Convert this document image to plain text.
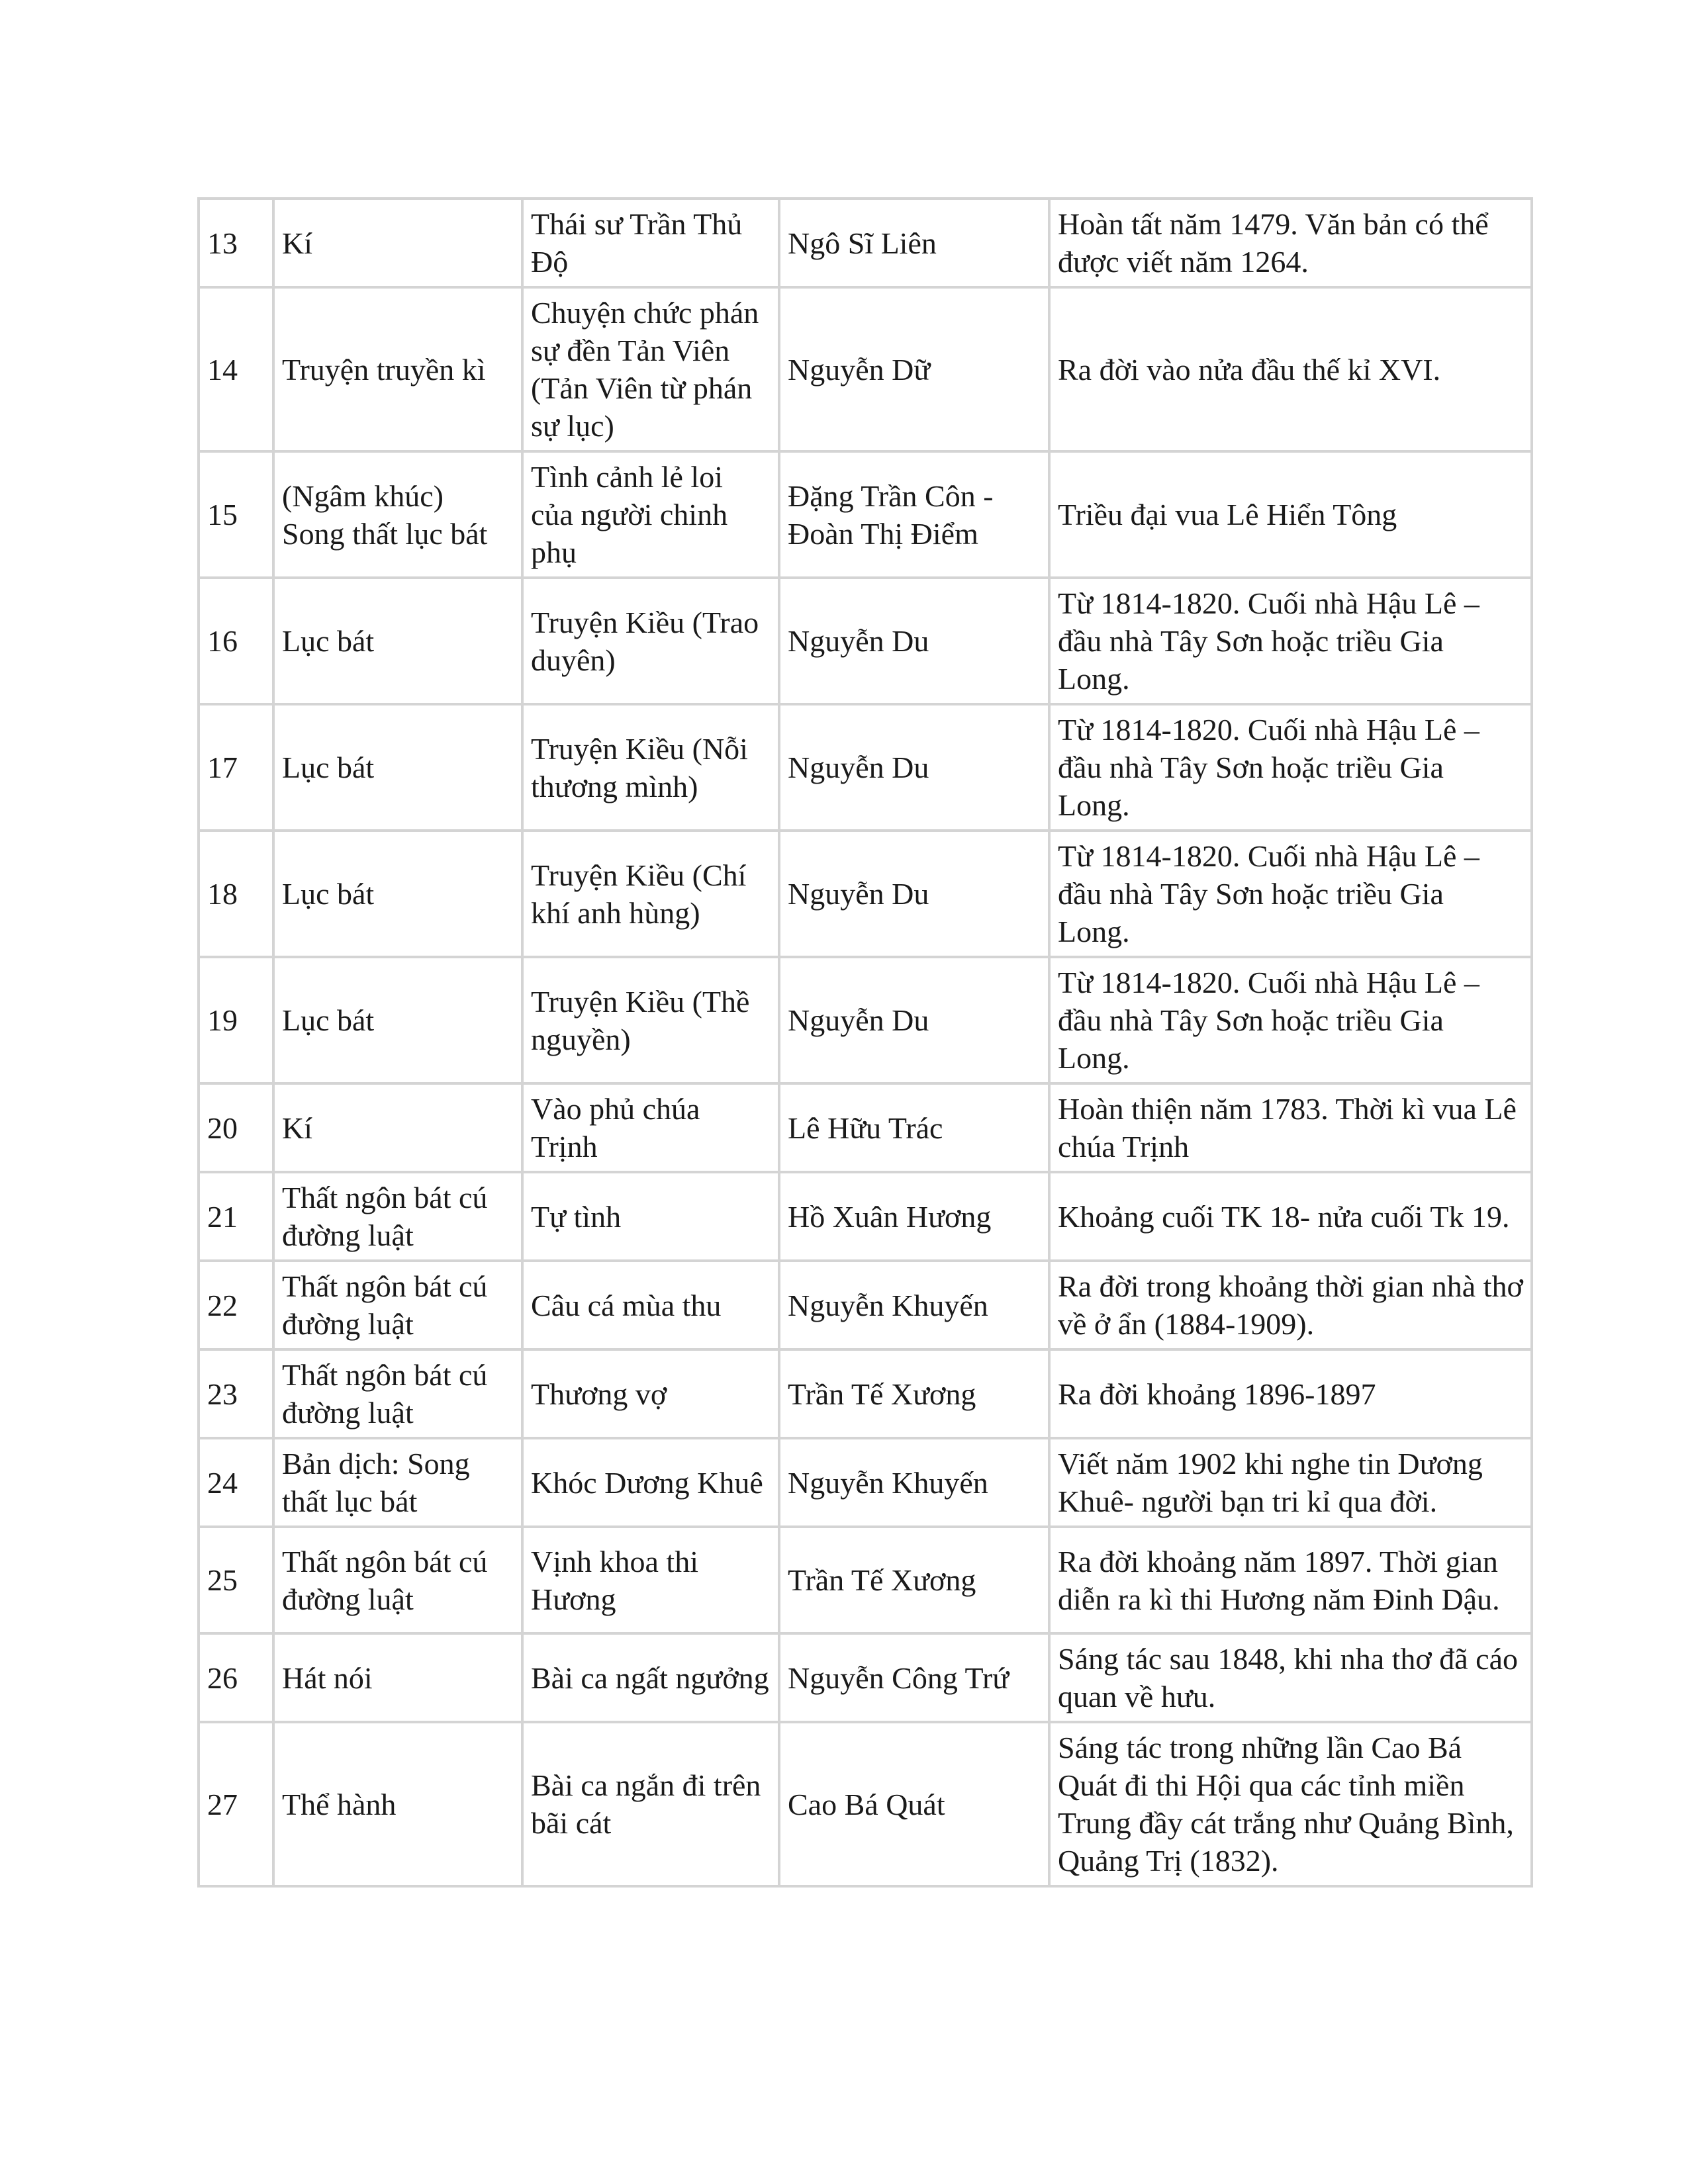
13	Kí	Thái sư Trần Thủ Độ	Ngô Sĩ Liên	Hoàn tất năm 1479. Văn bản có thể được viết năm 1264.
14	Truyện truyền kì	Chuyện chức phán sự đền Tản Viên (Tản Viên từ phán sự lục)	Nguyễn Dữ	Ra đời vào nửa đầu thế kỉ XVI.
15	(Ngâm khúc) Song thất lục bát	Tình cảnh lẻ loi của người chinh phụ	Đặng Trần Côn - Đoàn Thị Điểm	Triều đại vua Lê Hiển Tông
16	Lục bát	Truyện Kiều (Trao duyên)	Nguyễn Du	Từ 1814-1820. Cuối nhà Hậu Lê – đầu nhà Tây Sơn hoặc triều Gia Long.
17	Lục bát	Truyện Kiều (Nỗi thương mình)	Nguyễn Du	Từ 1814-1820. Cuối nhà Hậu Lê – đầu nhà Tây Sơn hoặc triều Gia Long.
18	Lục bát	Truyện Kiều (Chí khí anh hùng)	Nguyễn Du	Từ 1814-1820. Cuối nhà Hậu Lê – đầu nhà Tây Sơn hoặc triều Gia Long.
19	Lục bát	Truyện Kiều (Thề nguyền)	Nguyễn Du	Từ 1814-1820. Cuối nhà Hậu Lê – đầu nhà Tây Sơn hoặc triều Gia Long.
20	Kí	Vào phủ chúa Trịnh	Lê Hữu Trác	Hoàn thiện năm 1783. Thời kì vua Lê chúa Trịnh
21	Thất ngôn bát cú đường luật	Tự tình	Hồ Xuân Hương	Khoảng cuối TK 18- nửa cuối Tk 19.
22	Thất ngôn bát cú đường luật	Câu cá mùa thu	Nguyễn Khuyến	Ra đời trong khoảng thời gian nhà thơ về ở ẩn (1884-1909).
23	Thất ngôn bát cú đường luật	Thương vợ	Trần Tế Xương	Ra đời khoảng 1896-1897
24	Bản dịch: Song thất lục bát	Khóc Dương Khuê	Nguyễn Khuyến	Viết năm 1902 khi nghe tin Dương Khuê- người bạn tri kỉ qua đời.
25	Thất ngôn bát cú đường luật	Vịnh khoa thi Hương	Trần Tế Xương	Ra đời khoảng năm 1897. Thời gian diễn ra kì thi Hương năm Đinh Dậu.
26	Hát nói	Bài ca ngất ngưởng	Nguyễn Công Trứ	Sáng tác sau 1848, khi nha thơ đã cáo quan về hưu.
27	Thể hành	Bài ca ngắn đi trên bãi cát	Cao Bá Quát	Sáng tác trong những lần Cao Bá Quát đi thi Hội qua các tỉnh miền Trung đầy cát trắng như Quảng Bình, Quảng Trị (1832).
